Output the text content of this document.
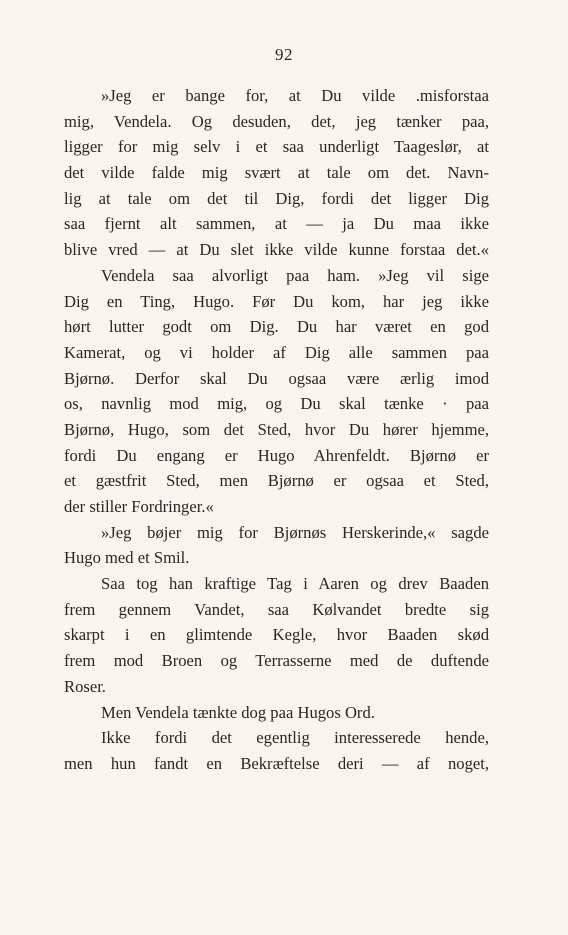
92
»Jeg er bange for, at Du vilde .misforstaa
mig, Vendela. Og desuden, det, jeg tænker paa,
ligger for mig selv i et saa underligt Taageslør, at
det vilde falde mig svært at tale om det. Navn-
lig at tale om det til Dig, fordi det ligger Dig
saa fjernt alt sammen, at — ja Du maa ikke
blive vred — at Du slet ikke vilde kunne forstaa det.«
Vendela saa alvorligt paa ham. »Jeg vil sige
Dig en Ting, Hugo. Før Du kom, har jeg ikke
hørt lutter godt om Dig. Du har været en god
Kamerat, og vi holder af Dig alle sammen paa
Bjørnø. Derfor skal Du ogsaa være ærlig imod
os, navnlig mod mig, og Du skal tænke · paa
Bjørnø, Hugo, som det Sted, hvor Du hører hjemme,
fordi Du engang er Hugo Ahrenfeldt. Bjørnø er
et gæstfrit Sted, men Bjørnø er ogsaa et Sted,
der stiller Fordringer.«
»Jeg bøjer mig for Bjørnøs Herskerinde,« sagde
Hugo med et Smil.
Saa tog han kraftige Tag i Aaren og drev Baaden
frem gennem Vandet, saa Kølvandet bredte sig
skarpt i en glimtende Kegle, hvor Baaden skød
frem mod Broen og Terrasserne med de duftende
Roser.
Men Vendela tænkte dog paa Hugos Ord.
Ikke fordi det egentlig interesserede hende,
men hun fandt en Bekræftelse deri — af noget,
